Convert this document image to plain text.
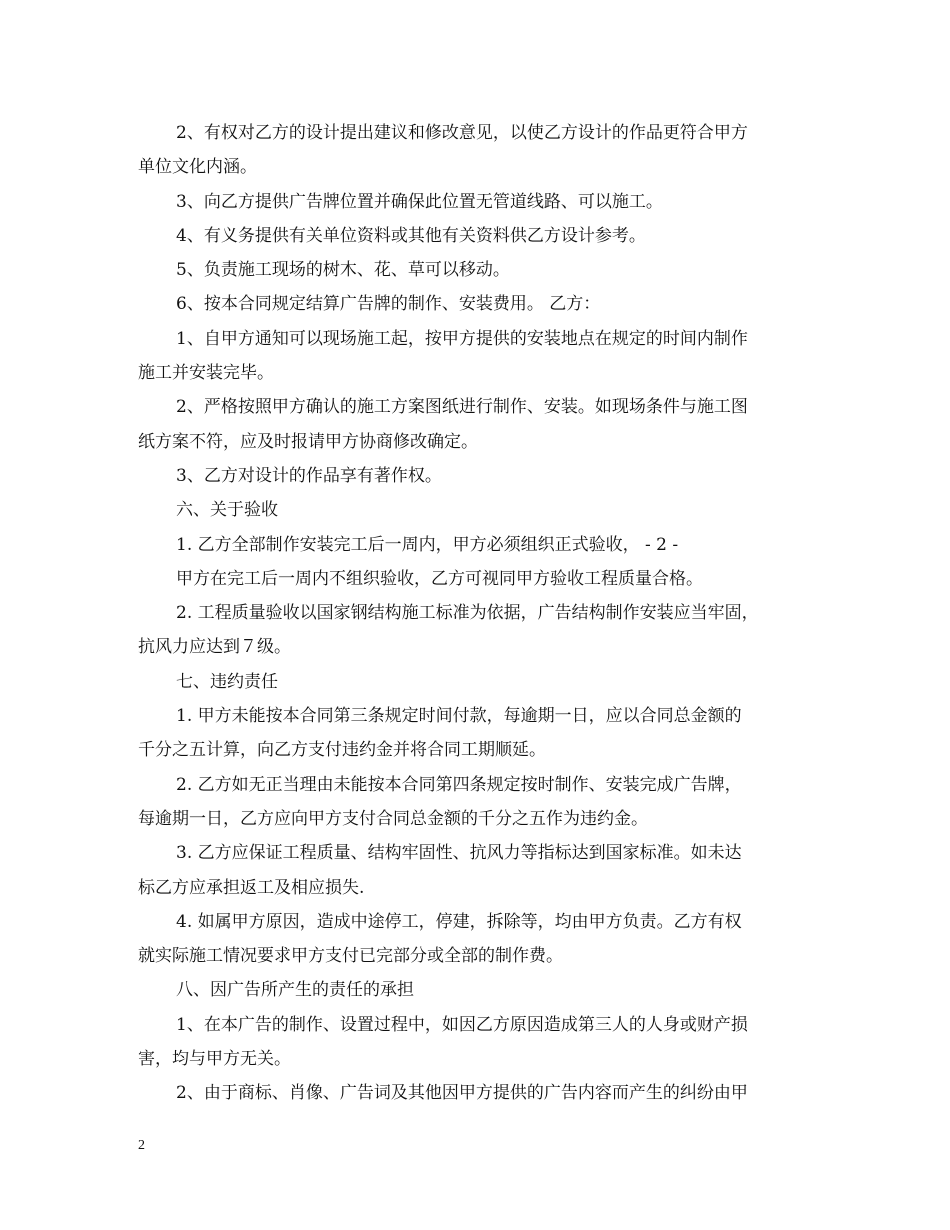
2、有权对乙方的设计提出建议和修改意见，以使乙方设计的作品更符合甲方
单位文化内涵。
3、向乙方提供广告牌位置并确保此位置无管道线路、可以施工。
4、有义务提供有关单位资料或其他有关资料供乙方设计参考。
5、负责施工现场的树木、花、草可以移动。
6、按本合同规定结算广告牌的制作、安装费用。 乙方：
1、自甲方通知可以现场施工起，按甲方提供的安装地点在规定的时间内制作
施工并安装完毕。
2、严格按照甲方确认的施工方案图纸进行制作、安装。如现场条件与施工图
纸方案不符，应及时报请甲方协商修改确定。
3、乙方对设计的作品享有著作权。
六、关于验收
1. 乙方全部制作安装完工后一周内，甲方必须组织正式验收， - 2 -
甲方在完工后一周内不组织验收，乙方可视同甲方验收工程质量合格。
2. 工程质量验收以国家钢结构施工标准为依据，广告结构制作安装应当牢固，
抗风力应达到７级。
七、违约责任
1. 甲方未能按本合同第三条规定时间付款，每逾期一日，应以合同总金额的
千分之五计算，向乙方支付违约金并将合同工期顺延。
2. 乙方如无正当理由未能按本合同第四条规定按时制作、安装完成广告牌，
每逾期一日，乙方应向甲方支付合同总金额的千分之五作为违约金。
3. 乙方应保证工程质量、结构牢固性、抗风力等指标达到国家标准。如未达
标乙方应承担返工及相应损失.
4. 如属甲方原因，造成中途停工，停建，拆除等，均由甲方负责。乙方有权
就实际施工情况要求甲方支付已完部分或全部的制作费。
八、因广告所产生的责任的承担
1、在本广告的制作、设置过程中，如因乙方原因造成第三人的人身或财产损
害，均与甲方无关。
2、由于商标、肖像、广告词及其他因甲方提供的广告内容而产生的纠纷由甲
2
